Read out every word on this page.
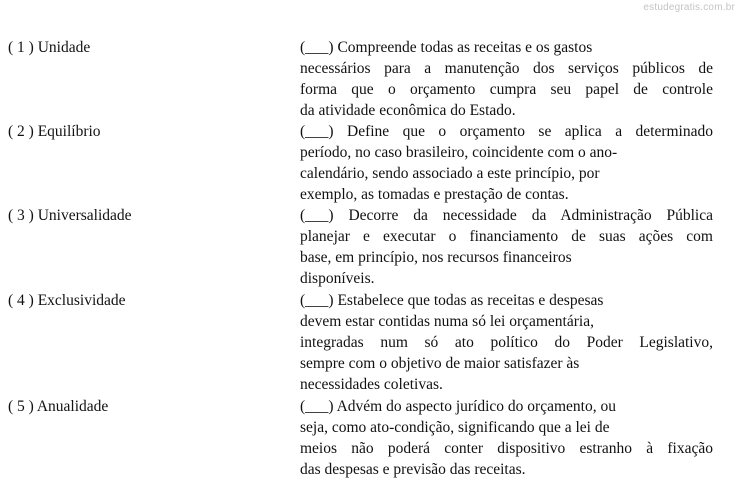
estudegratis.com.br
( 1 ) Unidade	(___) Compreende todas as receitas e os gastos
necessários para a manutenção dos serviços públicos de
forma que o orçamento cumpra seu papel de controle
da atividade econômica do Estado.
( 2 ) Equilíbrio	(___) Define que o orçamento se aplica a determinado
período, no caso brasileiro, coincidente com o ano-
calendário, sendo associado a este princípio, por
exemplo, as tomadas e prestação de contas.
( 3 ) Universalidade	(___) Decorre da necessidade da Administração Pública
planejar e executar o financiamento de suas ações com
base, em princípio, nos recursos financeiros
disponíveis.
( 4 ) Exclusividade	(___) Estabelece que todas as receitas e despesas
devem estar contidas numa só lei orçamentária,
integradas num só ato político do Poder Legislativo,
sempre com o objetivo de maior satisfazer às
necessidades coletivas.
( 5 ) Anualidade	(___) Advém do aspecto jurídico do orçamento, ou
seja, como ato-condição, significando que a lei de
meios não poderá conter dispositivo estranho à fixação
das despesas e previsão das receitas.
